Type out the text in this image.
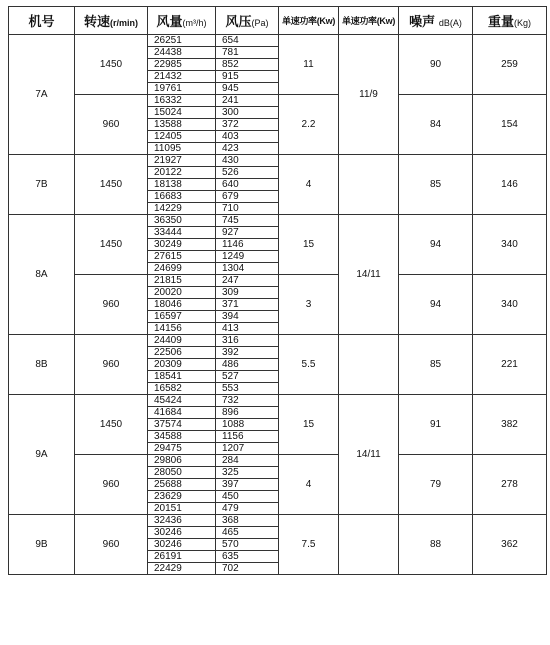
机号	转速(r/min)	风量(m³/h)	风压(Pa)	单速功率(Kw)	单速功率(Kw)	噪声 dB(A)	重量(Kg)
7A	1450	26251	654	11	11/9	90	259
		24438	781				
		22985	852				
		21432	915				
		19761	945				
	960	16332	241	2.2		84	154
		15024	300				
		13588	372				
		12405	403				
		11095	423				
7B	1450	21927	430	4		85	146
		20122	526				
		18138	640				
		16683	679				
		14229	710				
8A	1450	36350	745	15	14/11	94	340
		33444	927				
		30249	1146				
		27615	1249				
		24699	1304				
	960	21815	247	3		94	340
		20020	309				
		18046	371				
		16597	394				
		14156	413				
8B	960	24409	316	5.5		85	221
		22506	392				
		20309	486				
		18541	527				
		16582	553				
9A	1450	45424	732	15	14/11	91	382
		41684	896				
		37574	1088				
		34588	1156				
		29475	1207				
	960	29806	284	4		79	278
		28050	325				
		25688	397				
		23629	450				
		20151	479				
9B	960	32436	368	7.5		88	362
		30246	465				
		30246	570				
		26191	635				
		22429	702				
